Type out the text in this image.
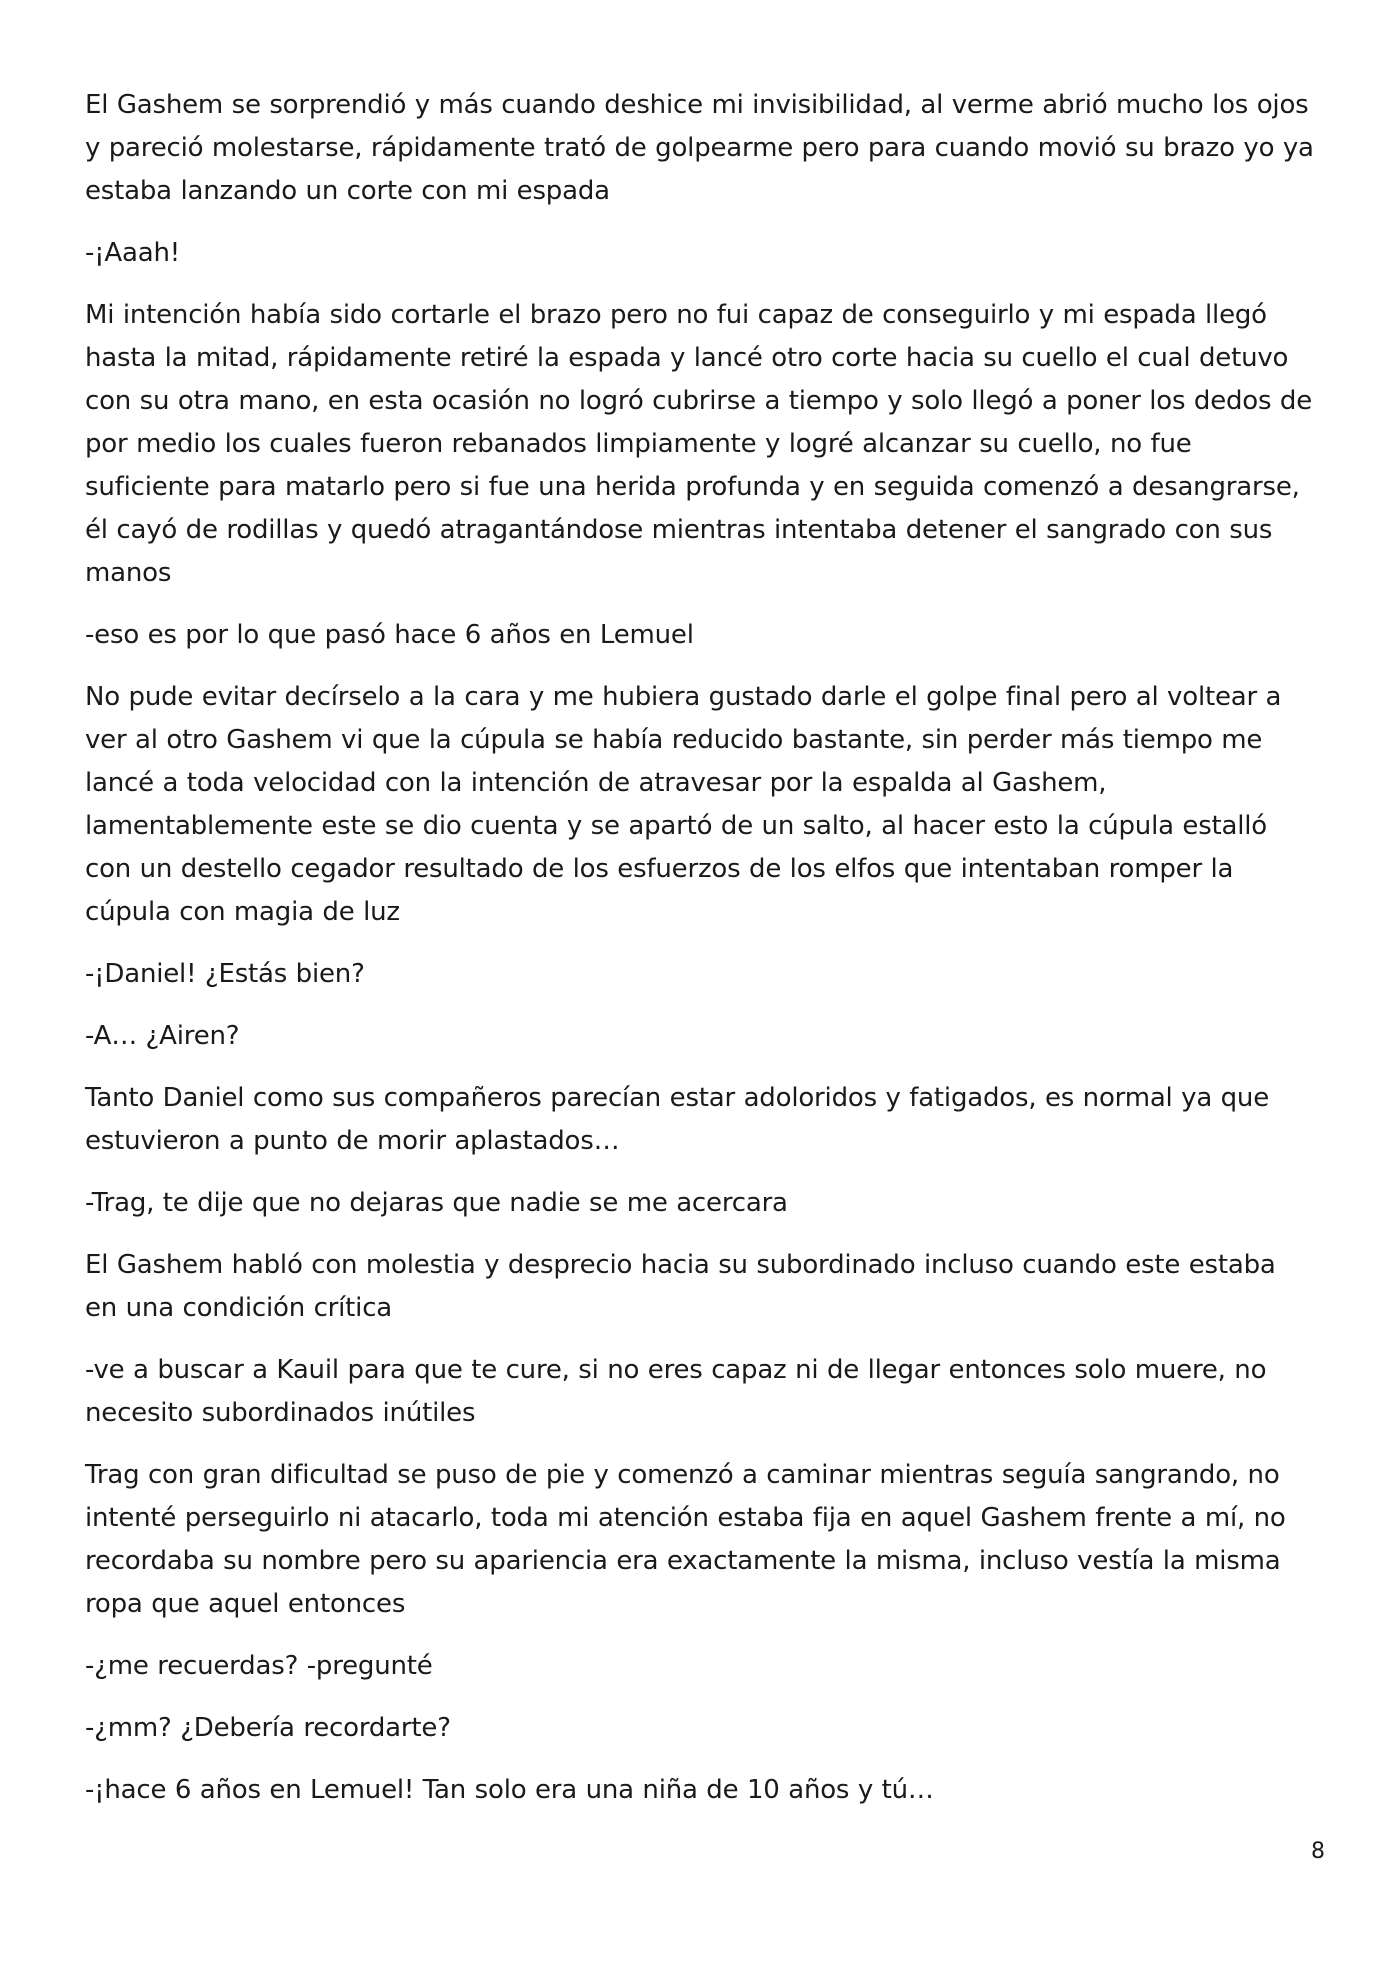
El Gashem se sorprendió y más cuando deshice mi invisibilidad, al verme abrió mucho los ojos y pareció molestarse, rápidamente trató de golpearme pero para cuando movió su brazo yo ya estaba lanzando un corte con mi espada

-¡Aaah!

Mi intención había sido cortarle el brazo pero no fui capaz de conseguirlo y mi espada llegó hasta la mitad, rápidamente retiré la espada y lancé otro corte hacia su cuello el cual detuvo con su otra mano, en esta ocasión no logró cubrirse a tiempo y solo llegó a poner los dedos de por medio los cuales fueron rebanados limpiamente y logré alcanzar su cuello, no fue suficiente para matarlo pero si fue una herida profunda y en seguida comenzó a desangrarse, él cayó de rodillas y quedó atragantándose mientras intentaba detener el sangrado con sus manos

-eso es por lo que pasó hace 6 años en Lemuel

No pude evitar decírselo a la cara y me hubiera gustado darle el golpe final pero al voltear a ver al otro Gashem vi que la cúpula se había reducido bastante, sin perder más tiempo me lancé a toda velocidad con la intención de atravesar por la espalda al Gashem, lamentablemente este se dio cuenta y se apartó de un salto, al hacer esto la cúpula estalló con un destello cegador resultado de los esfuerzos de los elfos que intentaban romper la cúpula con magia de luz

-¡Daniel! ¿Estás bien?

-A… ¿Airen?

Tanto Daniel como sus compañeros parecían estar adoloridos y fatigados, es normal ya que estuvieron a punto de morir aplastados…

-Trag, te dije que no dejaras que nadie se me acercara

El Gashem habló con molestia y desprecio hacia su subordinado incluso cuando este estaba en una condición crítica

-ve a buscar a Kauil para que te cure, si no eres capaz ni de llegar entonces solo muere, no necesito subordinados inútiles

Trag con gran dificultad se puso de pie y comenzó a caminar mientras seguía sangrando, no intenté perseguirlo ni atacarlo, toda mi atención estaba fija en aquel Gashem frente a mí, no recordaba su nombre pero su apariencia era exactamente la misma, incluso vestía la misma ropa que aquel entonces

-¿me recuerdas? -pregunté

-¿mm? ¿Debería recordarte?

-¡hace 6 años en Lemuel! Tan solo era una niña de 10 años y tú…

8
